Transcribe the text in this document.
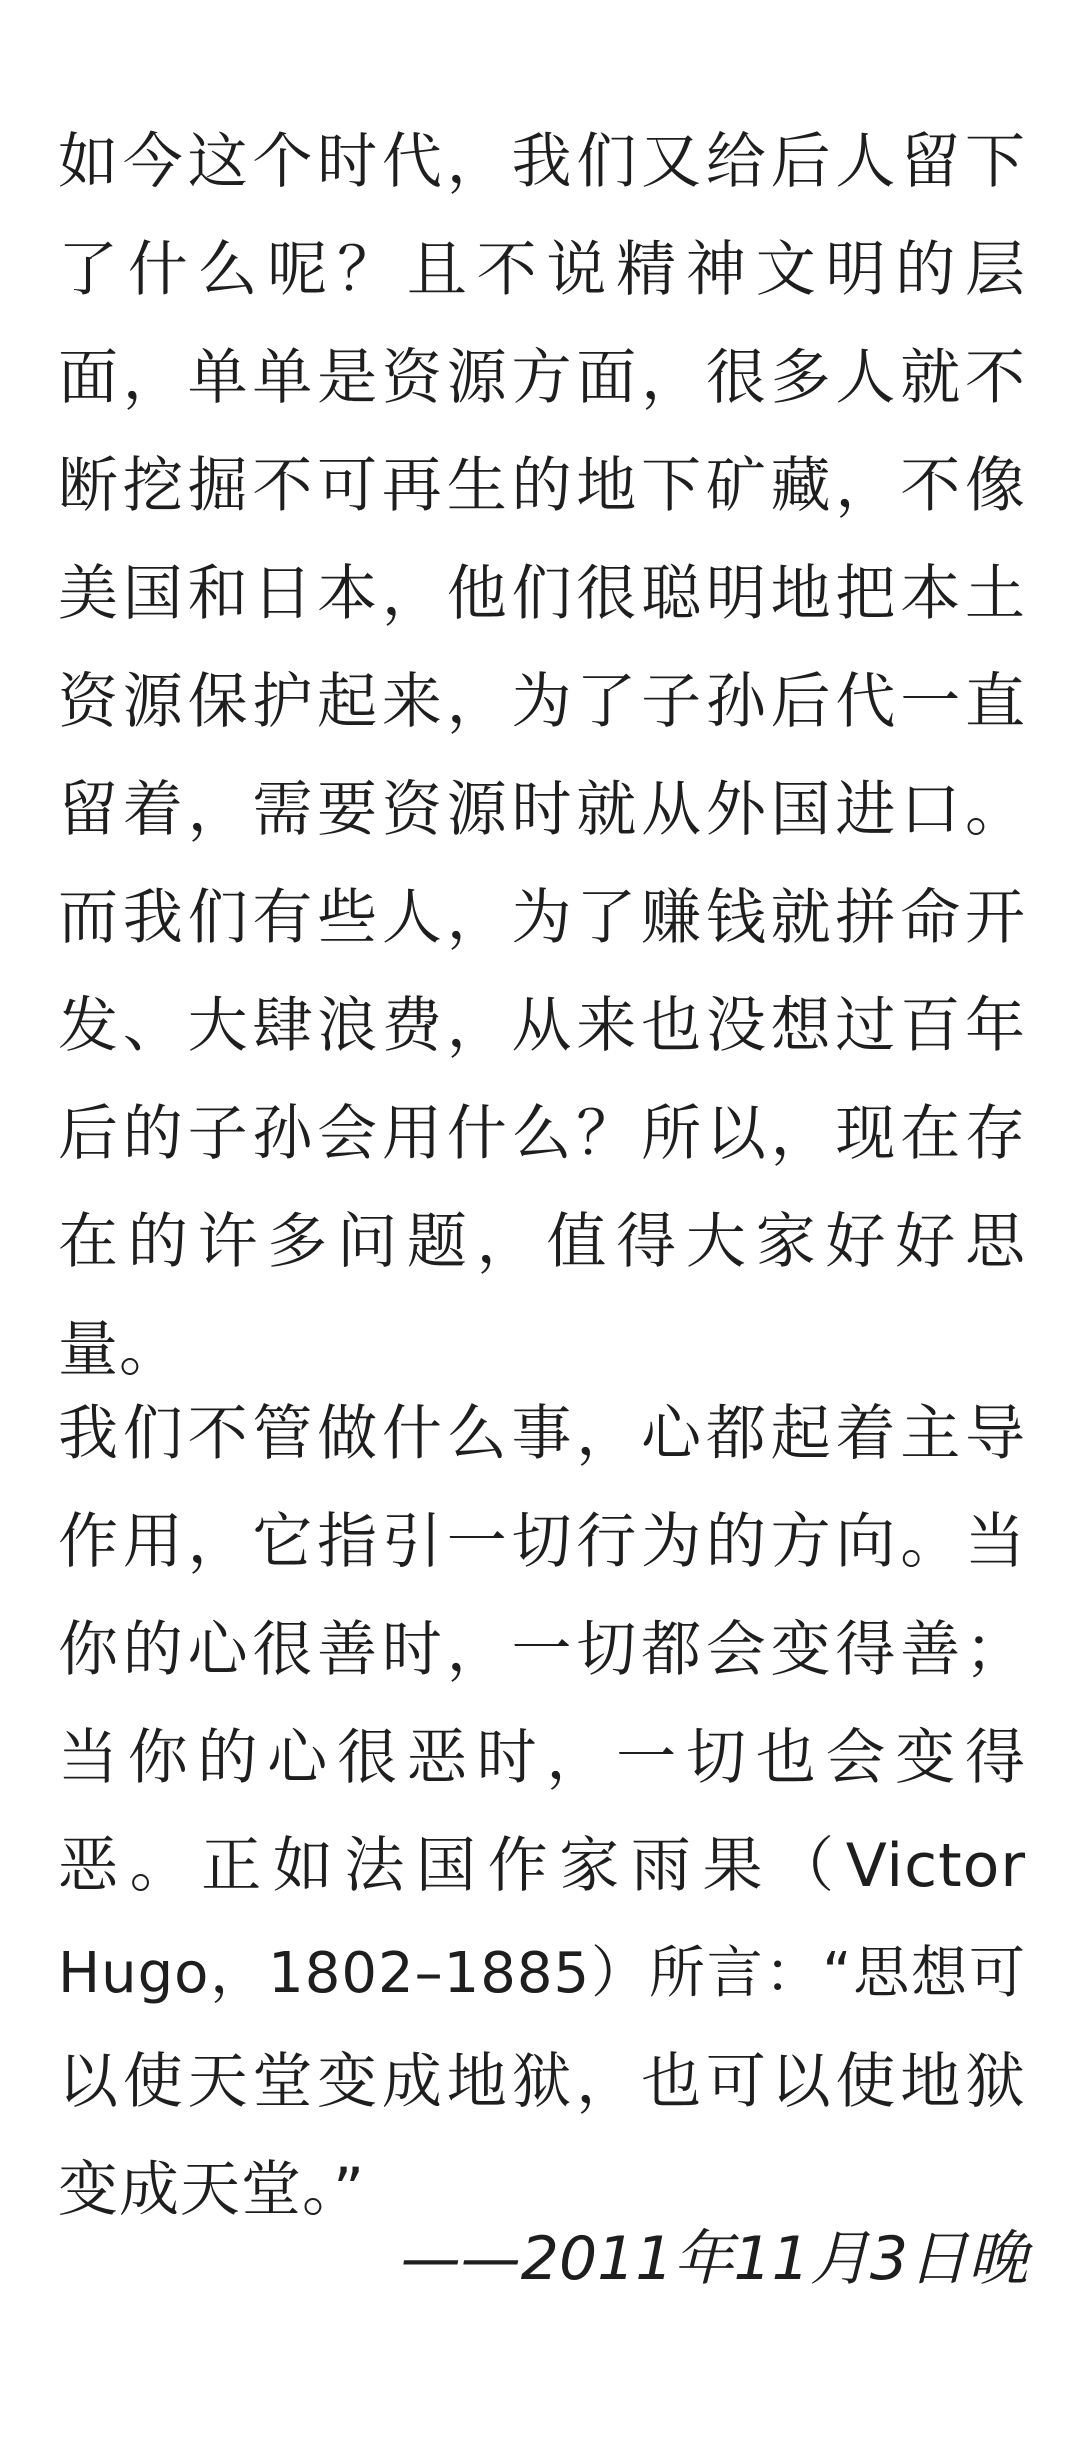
如今这个时代，我们又给后人留下
了什么呢？且不说精神文明的层
面，单单是资源方面，很多人就不
断挖掘不可再生的地下矿藏，不像
美国和日本，他们很聪明地把本土
资源保护起来，为了子孙后代一直
留着，需要资源时就从外国进口。
而我们有些人，为了赚钱就拼命开
发、大肆浪费，从来也没想过百年
后的子孙会用什么？所以，现在存
在的许多问题，值得大家好好思
量。
我们不管做什么事，心都起着主导
作用，它指引一切行为的方向。当
你的心很善时，一切都会变得善；
当你的心很恶时，一切也会变得
恶。正如法国作家雨果（Victor
Hugo，1802–1885）所言：“思想可
以使天堂变成地狱，也可以使地狱
变成天堂。”
——2011年11月3日晚
